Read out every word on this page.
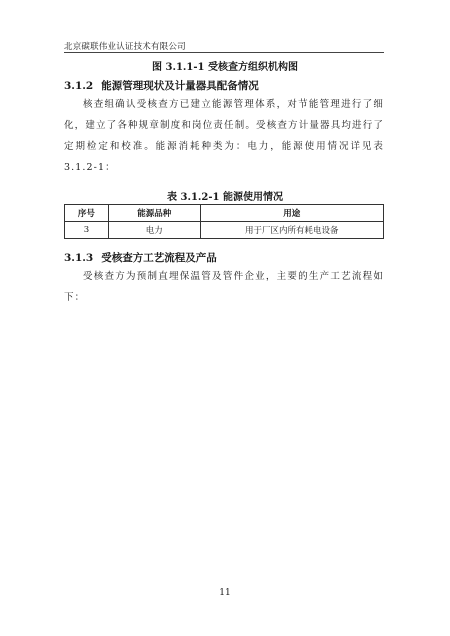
北京碳联伟业认证技术有限公司
图 3.1.1-1 受核查方组织机构图
3.1.2 能源管理现状及计量器具配备情况

核查组确认受核查方已建立能源管理体系，对节能管理进行了细化，建立了各种规章制度和岗位责任制。受核查方计量器具均进行了定期检定和校准。能源消耗种类为：电力，能源使用情况详见表3.1.2-1：

表 3.1.2-1 能源使用情况
序号	能源品种	用途
3	电力	用于厂区内所有耗电设备
3.1.3 受核查方工艺流程及产品

受核查方为预制直埋保温管及管件企业，主要的生产工艺流程如下：

11
